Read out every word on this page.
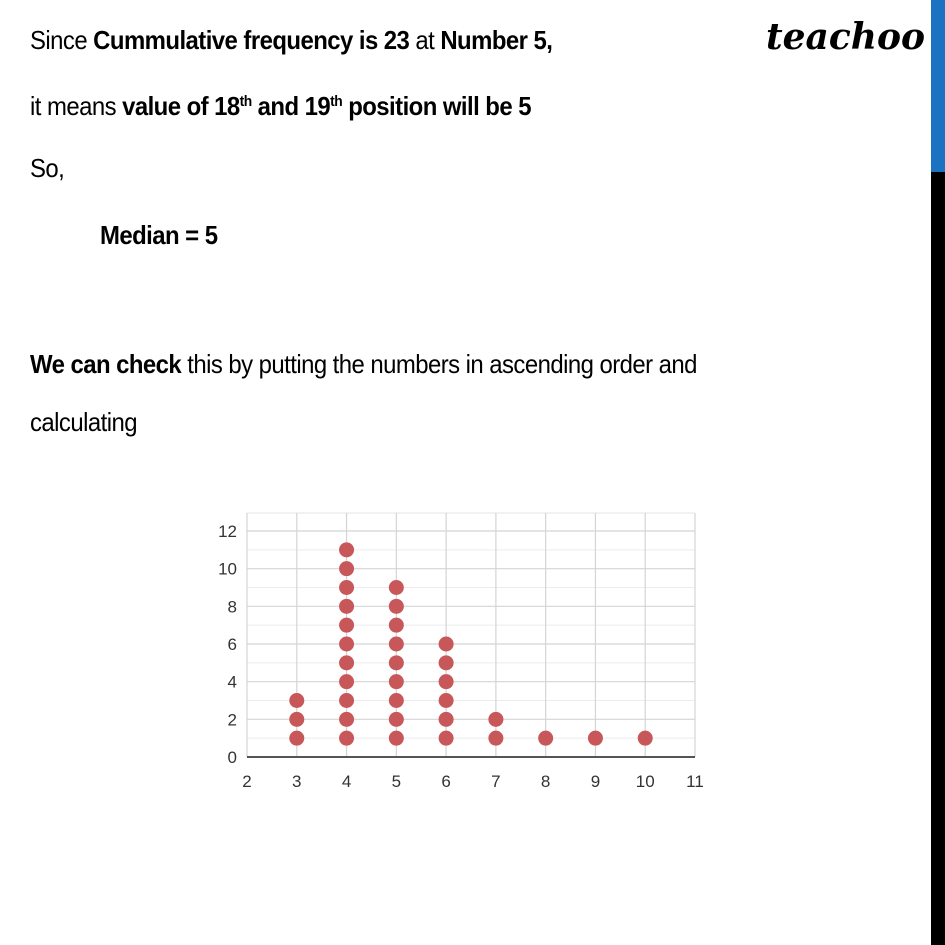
Since Cummulative frequency is 23 at Number 5,
it means value of 18th and 19th position will be 5
So,
Median = 5
We can check this by putting the numbers in ascending order and
calculating
teachoo
0
2
4
6
8
10
12
2 3 4 5 6 7 8 9 10 11
